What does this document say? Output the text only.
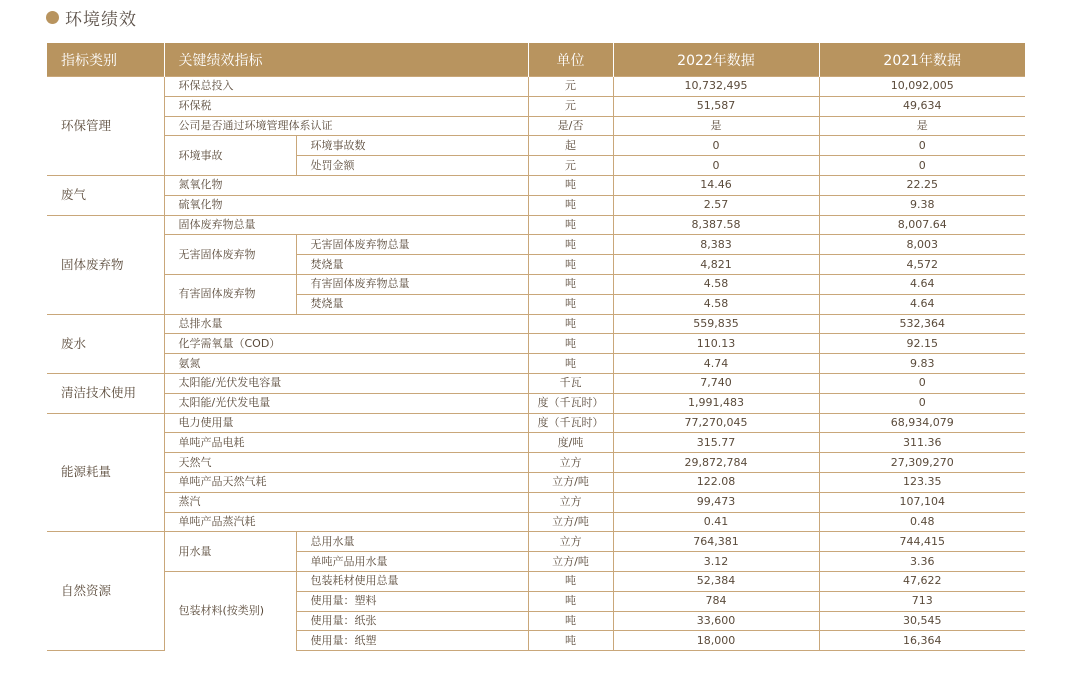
环境绩效
指标类别	关键绩效指标		单位	2022年数据	2021年数据
环保管理	环保总投入		元	10,732,495	10,092,005
	环保税		元	51,587	49,634
	公司是否通过环境管理体系认证		是/否	是	是
	环境事故	环境事故数	起	0	0
		处罚金额	元	0	0
废气	氮氧化物		吨	14.46	22.25
	硫氧化物		吨	2.57	9.38
固体废弃物	固体废弃物总量		吨	8,387.58	8,007.64
	无害固体废弃物	无害固体废弃物总量	吨	8,383	8,003
		焚烧量	吨	4,821	4,572
	有害固体废弃物	有害固体废弃物总量	吨	4.58	4.64
		焚烧量	吨	4.58	4.64
废水	总排水量		吨	559,835	532,364
	化学需氧量（COD）		吨	110.13	92.15
	氨氮		吨	4.74	9.83
清洁技术使用	太阳能/光伏发电容量		千瓦	7,740	0
	太阳能/光伏发电量		度（千瓦时）	1,991,483	0
能源耗量	电力使用量		度（千瓦时）	77,270,045	68,934,079
	单吨产品电耗		度/吨	315.77	311.36
	天然气		立方	29,872,784	27,309,270
	单吨产品天然气耗		立方/吨	122.08	123.35
	蒸汽		立方	99,473	107,104
	单吨产品蒸汽耗		立方/吨	0.41	0.48
自然资源	用水量	总用水量	立方	764,381	744,415
		单吨产品用水量	立方/吨	3.12	3.36
	包装材料(按类别)	包装耗材使用总量	吨	52,384	47,622
		使用量：塑料	吨	784	713
		使用量：纸张	吨	33,600	30,545
		使用量：纸塑	吨	18,000	16,364
